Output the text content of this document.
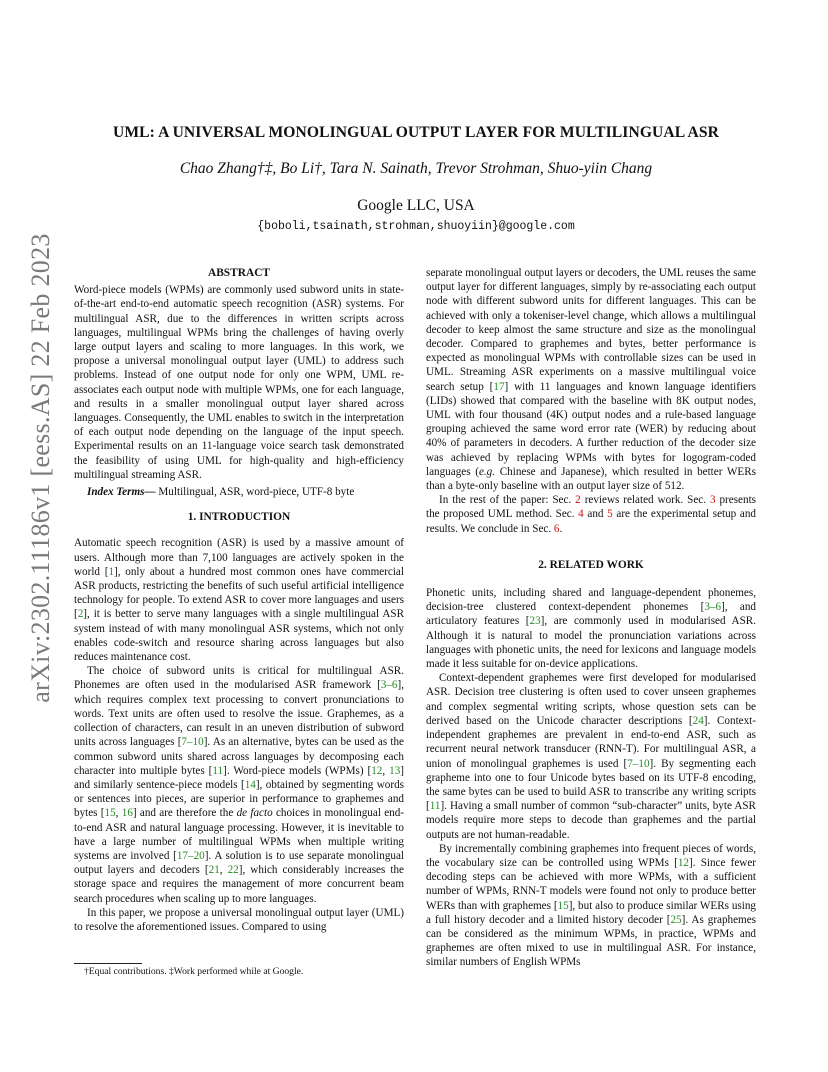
arXiv:2302.11186v1 [eess.AS] 22 Feb 2023
UML: A UNIVERSAL MONOLINGUAL OUTPUT LAYER FOR MULTILINGUAL ASR
Chao Zhang†‡, Bo Li†, Tara N. Sainath, Trevor Strohman, Shuo-yiin Chang
Google LLC, USA
{boboli,tsainath,strohman,shuoyiin}@google.com

ABSTRACT

Word-piece models (WPMs) are commonly used subword units in state-of-the-art end-to-end automatic speech recognition (ASR) systems. For multilingual ASR, due to the differences in written scripts across languages, multilingual WPMs bring the challenges of having overly large output layers and scaling to more languages. In this work, we propose a universal monolingual output layer (UML) to address such problems. Instead of one output node for only one WPM, UML re-associates each output node with multiple WPMs, one for each language, and results in a smaller monolingual output layer shared across languages. Consequently, the UML enables to switch in the interpretation of each output node depending on the language of the input speech. Experimental results on an 11-language voice search task demonstrated the feasibility of using UML for high-quality and high-efficiency multilingual streaming ASR.

Index Terms— Multilingual, ASR, word-piece, UTF-8 byte

1. INTRODUCTION

Automatic speech recognition (ASR) is used by a massive amount of users. Although more than 7,100 languages are actively spoken in the world [1], only about a hundred most common ones have commercial ASR products, restricting the benefits of such useful artificial intelligence technology for people. To extend ASR to cover more languages and users [2], it is better to serve many languages with a single multilingual ASR system instead of with many monolingual ASR systems, which not only enables code-switch and resource sharing across languages but also reduces maintenance cost.

The choice of subword units is critical for multilingual ASR. Phonemes are often used in the modularised ASR framework [3–6], which requires complex text processing to convert pronunciations to words. Text units are often used to resolve the issue. Graphemes, as a collection of characters, can result in an uneven distribution of subword units across languages [7–10]. As an alternative, bytes can be used as the common subword units shared across languages by decomposing each character into multiple bytes [11]. Word-piece models (WPMs) [12, 13] and similarly sentence-piece models [14], obtained by segmenting words or sentences into pieces, are superior in performance to graphemes and bytes [15, 16] and are therefore the de facto choices in monolingual end-to-end ASR and natural language processing. However, it is inevitable to have a large number of multilingual WPMs when multiple writing systems are involved [17–20]. A solution is to use separate monolingual output layers and decoders [21, 22], which considerably increases the storage space and requires the management of more concurrent beam search procedures when scaling up to more languages.

In this paper, we propose a universal monolingual output layer (UML) to resolve the aforementioned issues. Compared to using

separate monolingual output layers or decoders, the UML reuses the same output layer for different languages, simply by re-associating each output node with different subword units for different languages. This can be achieved with only a tokeniser-level change, which allows a multilingual decoder to keep almost the same structure and size as the monolingual decoder. Compared to graphemes and bytes, better performance is expected as monolingual WPMs with controllable sizes can be used in UML. Streaming ASR experiments on a massive multilingual voice search setup [17] with 11 languages and known language identifiers (LIDs) showed that compared with the baseline with 8K output nodes, UML with four thousand (4K) output nodes and a rule-based language grouping achieved the same word error rate (WER) by reducing about 40% of parameters in decoders. A further reduction of the decoder size was achieved by replacing WPMs with bytes for logogram-coded languages (e.g. Chinese and Japanese), which resulted in better WERs than a byte-only baseline with an output layer size of 512.

In the rest of the paper: Sec. 2 reviews related work. Sec. 3 presents the proposed UML method. Sec. 4 and 5 are the experimental setup and results. We conclude in Sec. 6.

2. RELATED WORK

Phonetic units, including shared and language-dependent phonemes, decision-tree clustered context-dependent phonemes [3–6], and articulatory features [23], are commonly used in modularised ASR. Although it is natural to model the pronunciation variations across languages with phonetic units, the need for lexicons and language models made it less suitable for on-device applications.

Context-dependent graphemes were first developed for modularised ASR. Decision tree clustering is often used to cover unseen graphemes and complex segmental writing scripts, whose question sets can be derived based on the Unicode character descriptions [24]. Context-independent graphemes are prevalent in end-to-end ASR, such as recurrent neural network transducer (RNN-T). For multilingual ASR, a union of monolingual graphemes is used [7–10]. By segmenting each grapheme into one to four Unicode bytes based on its UTF-8 encoding, the same bytes can be used to build ASR to transcribe any writing scripts [11]. Having a small number of common “sub-character” units, byte ASR models require more steps to decode than graphemes and the partial outputs are not human-readable.

By incrementally combining graphemes into frequent pieces of words, the vocabulary size can be controlled using WPMs [12]. Since fewer decoding steps can be achieved with more WPMs, with a sufficient number of WPMs, RNN-T models were found not only to produce better WERs than with graphemes [15], but also to produce similar WERs using a full history decoder and a limited history decoder [25]. As graphemes can be considered as the minimum WPMs, in practice, WPMs and graphemes are often mixed to use in multilingual ASR. For instance, similar numbers of English WPMs

†Equal contributions. ‡Work performed while at Google.
